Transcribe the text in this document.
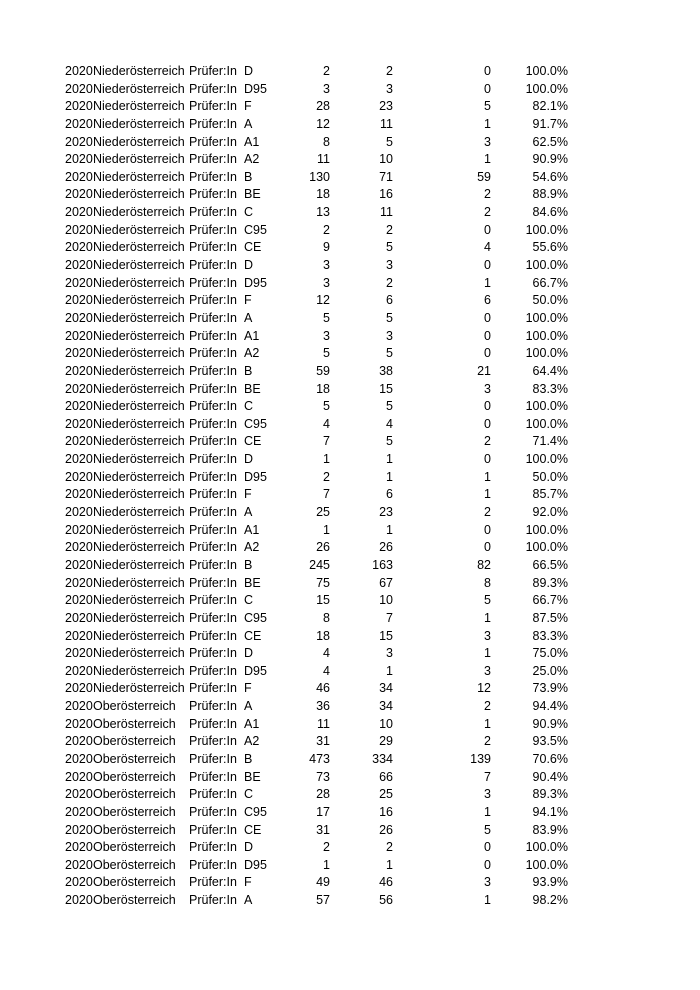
2020 Niederösterreich Prüfer:In D	2	2	0	100.0%
2020 Niederösterreich Prüfer:In D95	3	3	0	100.0%
2020 Niederösterreich Prüfer:In F	28	23	5	82.1%
2020 Niederösterreich Prüfer:In A	12	11	1	91.7%
2020 Niederösterreich Prüfer:In A1	8	5	3	62.5%
2020 Niederösterreich Prüfer:In A2	11	10	1	90.9%
2020 Niederösterreich Prüfer:In B	130	71	59	54.6%
2020 Niederösterreich Prüfer:In BE	18	16	2	88.9%
2020 Niederösterreich Prüfer:In C	13	11	2	84.6%
2020 Niederösterreich Prüfer:In C95	2	2	0	100.0%
2020 Niederösterreich Prüfer:In CE	9	5	4	55.6%
2020 Niederösterreich Prüfer:In D	3	3	0	100.0%
2020 Niederösterreich Prüfer:In D95	3	2	1	66.7%
2020 Niederösterreich Prüfer:In F	12	6	6	50.0%
2020 Niederösterreich Prüfer:In A	5	5	0	100.0%
2020 Niederösterreich Prüfer:In A1	3	3	0	100.0%
2020 Niederösterreich Prüfer:In A2	5	5	0	100.0%
2020 Niederösterreich Prüfer:In B	59	38	21	64.4%
2020 Niederösterreich Prüfer:In BE	18	15	3	83.3%
2020 Niederösterreich Prüfer:In C	5	5	0	100.0%
2020 Niederösterreich Prüfer:In C95	4	4	0	100.0%
2020 Niederösterreich Prüfer:In CE	7	5	2	71.4%
2020 Niederösterreich Prüfer:In D	1	1	0	100.0%
2020 Niederösterreich Prüfer:In D95	2	1	1	50.0%
2020 Niederösterreich Prüfer:In F	7	6	1	85.7%
2020 Niederösterreich Prüfer:In A	25	23	2	92.0%
2020 Niederösterreich Prüfer:In A1	1	1	0	100.0%
2020 Niederösterreich Prüfer:In A2	26	26	0	100.0%
2020 Niederösterreich Prüfer:In B	245	163	82	66.5%
2020 Niederösterreich Prüfer:In BE	75	67	8	89.3%
2020 Niederösterreich Prüfer:In C	15	10	5	66.7%
2020 Niederösterreich Prüfer:In C95	8	7	1	87.5%
2020 Niederösterreich Prüfer:In CE	18	15	3	83.3%
2020 Niederösterreich Prüfer:In D	4	3	1	75.0%
2020 Niederösterreich Prüfer:In D95	4	1	3	25.0%
2020 Niederösterreich Prüfer:In F	46	34	12	73.9%
2020 Oberösterreich Prüfer:In A	36	34	2	94.4%
2020 Oberösterreich Prüfer:In A1	11	10	1	90.9%
2020 Oberösterreich Prüfer:In A2	31	29	2	93.5%
2020 Oberösterreich Prüfer:In B	473	334	139	70.6%
2020 Oberösterreich Prüfer:In BE	73	66	7	90.4%
2020 Oberösterreich Prüfer:In C	28	25	3	89.3%
2020 Oberösterreich Prüfer:In C95	17	16	1	94.1%
2020 Oberösterreich Prüfer:In CE	31	26	5	83.9%
2020 Oberösterreich Prüfer:In D	2	2	0	100.0%
2020 Oberösterreich Prüfer:In D95	1	1	0	100.0%
2020 Oberösterreich Prüfer:In F	49	46	3	93.9%
2020 Oberösterreich Prüfer:In A	57	56	1	98.2%
